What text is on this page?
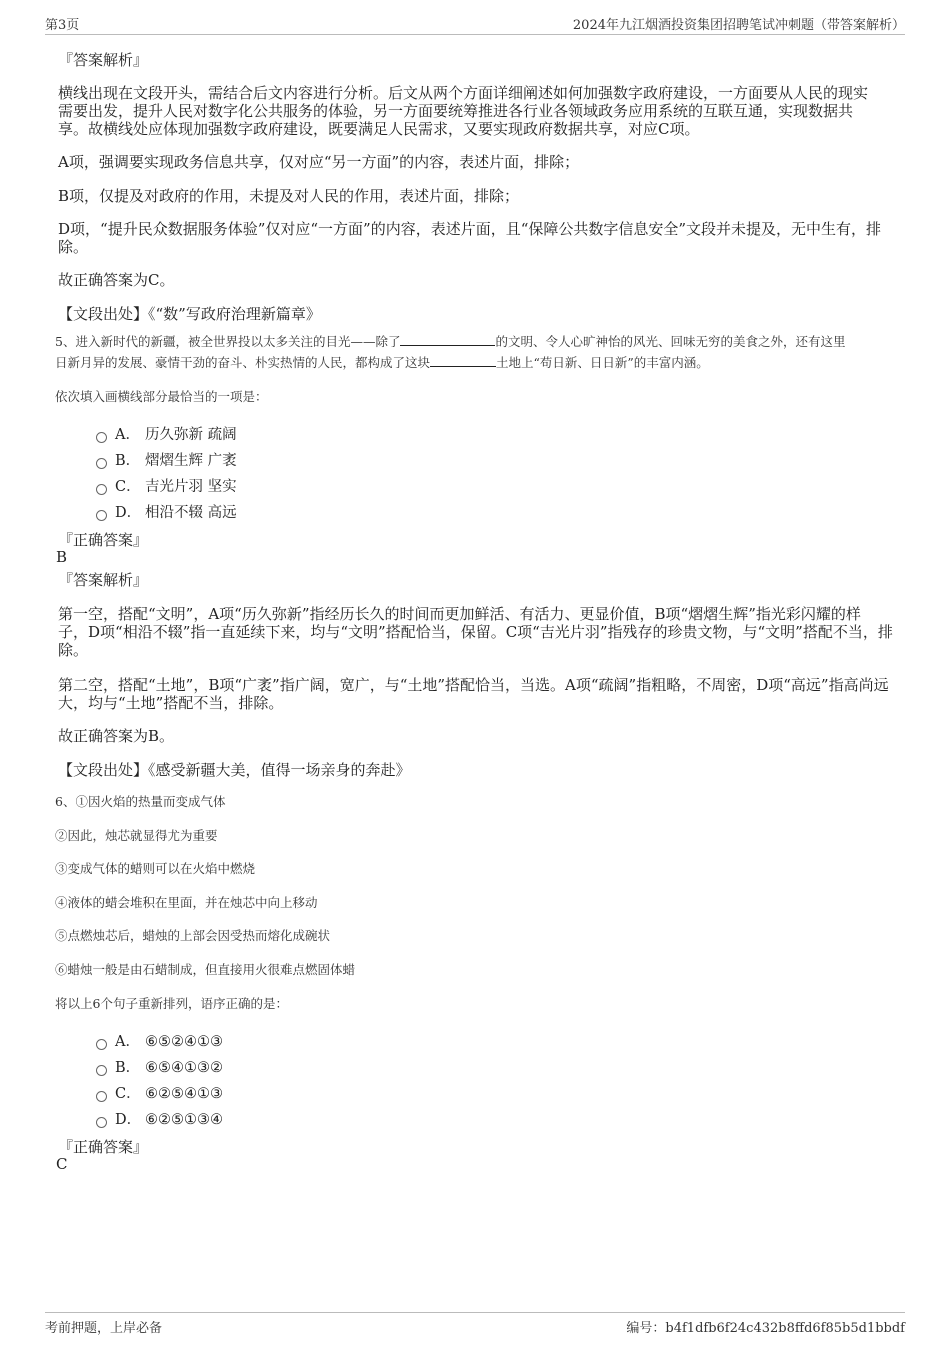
第3页	2024年九江烟酒投资集团招聘笔试冲刺题（带答案解析）
『答案解析』
横线出现在文段开头，需结合后文内容进行分析。后文从两个方面详细阐述如何加强数字政府建设，一方面要从人民的现实
需要出发，提升人民对数字化公共服务的体验，另一方面要统筹推进各行业各领域政务应用系统的互联互通，实现数据共
享。故横线处应体现加强数字政府建设，既要满足人民需求，又要实现政府数据共享，对应C项。
A项，强调要实现政务信息共享，仅对应“另一方面”的内容，表述片面，排除；
B项，仅提及对政府的作用，未提及对人民的作用，表述片面，排除；
D项，“提升民众数据服务体验”仅对应“一方面”的内容，表述片面，且“保障公共数字信息安全”文段并未提及，无中生有，排
除。
故正确答案为C。
【文段出处】《“数”写政府治理新篇章》
5、进入新时代的新疆，被全世界投以太多关注的目光——除了	的文明、令人心旷神怡的风光、回味无穷的美食之外，还有这里
日新月异的发展、豪情干劲的奋斗、朴实热情的人民，都构成了这块	土地上“苟日新、日日新”的丰富内涵。
依次填入画横线部分最恰当的一项是：
A． 历久弥新 疏阔
B． 熠熠生辉 广袤
C． 吉光片羽 坚实
D． 相沿不辍 高远
『正确答案』
B
『答案解析』
第一空，搭配“文明”，A项“历久弥新”指经历长久的时间而更加鲜活、有活力、更显价值，B项“熠熠生辉”指光彩闪耀的样
子，D项“相沿不辍”指一直延续下来，均与“文明”搭配恰当，保留。C项“吉光片羽”指残存的珍贵文物，与“文明”搭配不当，排
除。
第二空，搭配“土地”，B项“广袤”指广阔，宽广，与“土地”搭配恰当，当选。A项“疏阔”指粗略，不周密，D项“高远”指高尚远
大，均与“土地”搭配不当，排除。
故正确答案为B。
【文段出处】《感受新疆大美，值得一场亲身的奔赴》
6、①因火焰的热量而变成气体
②因此，烛芯就显得尤为重要
③变成气体的蜡则可以在火焰中燃烧
④液体的蜡会堆积在里面，并在烛芯中向上移动
⑤点燃烛芯后，蜡烛的上部会因受热而熔化成碗状
⑥蜡烛一般是由石蜡制成，但直接用火很难点燃固体蜡
将以上6个句子重新排列，语序正确的是：
A． ⑥⑤②④①③
B． ⑥⑤④①③②
C． ⑥②⑤④①③
D． ⑥②⑤①③④
『正确答案』
C
考前押题，上岸必备	编号：b4f1dfb6f24c432b8ffd6f85b5d1bbdf
